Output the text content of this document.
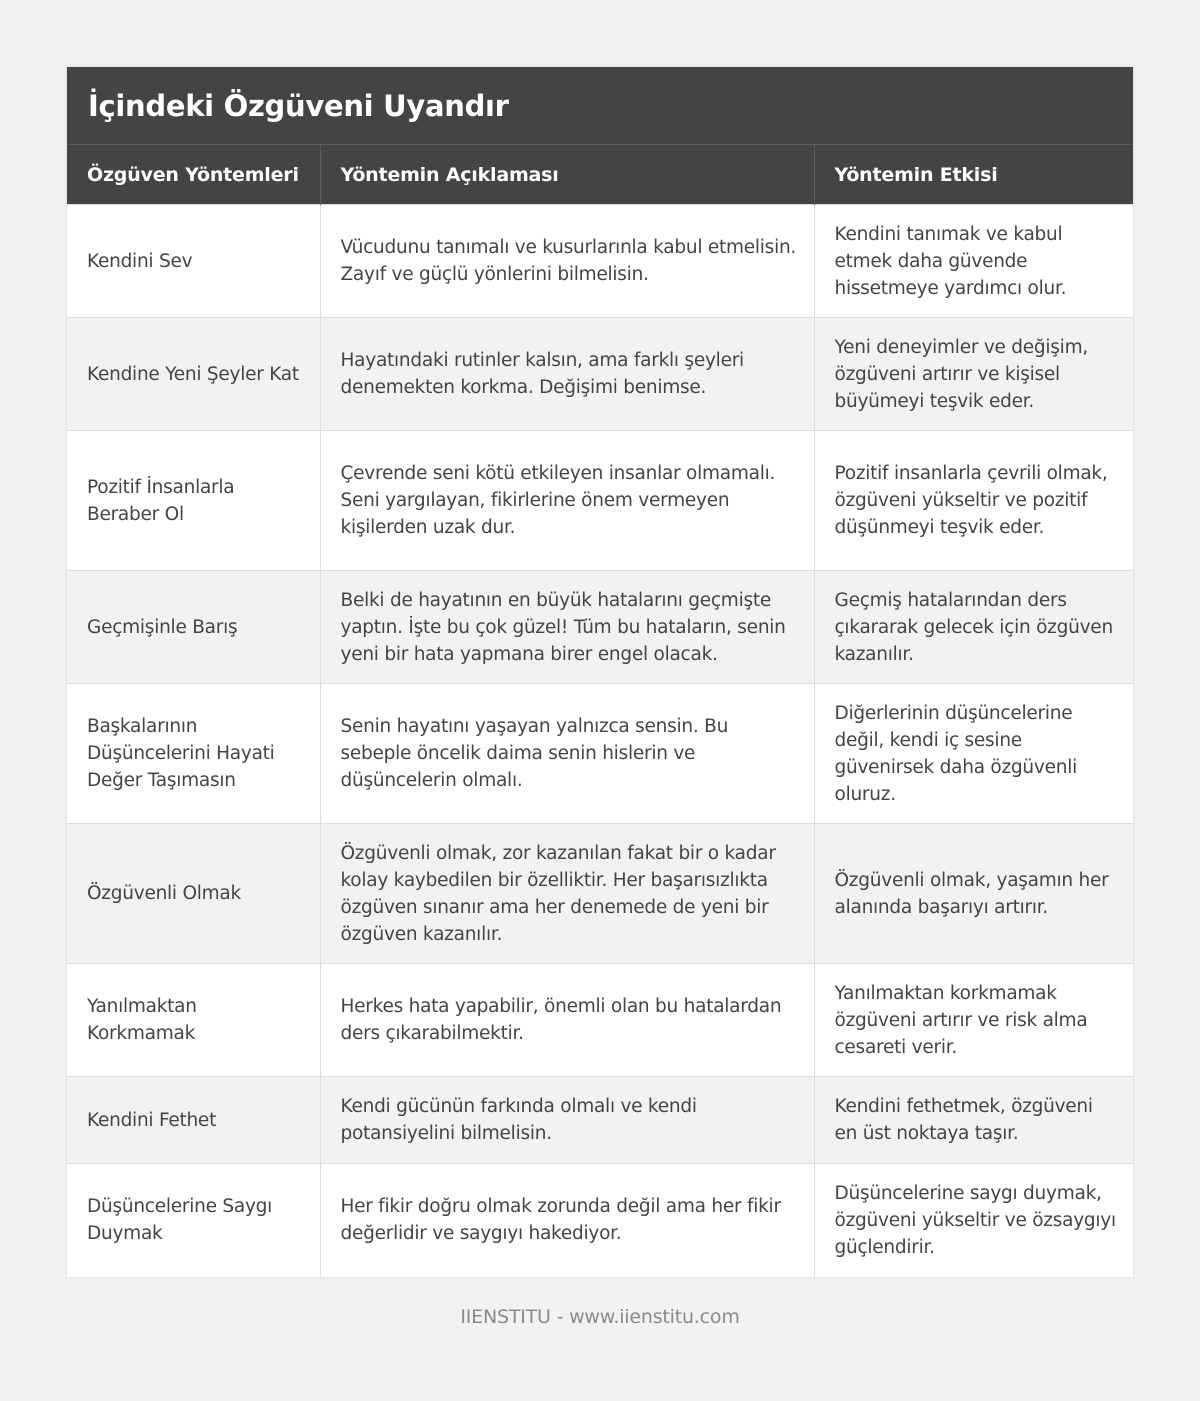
İçindeki Özgüveni Uyandır
Özgüven Yöntemleri	Yöntemin Açıklaması	Yöntemin Etkisi
Kendini Sev	Vücudunu tanımalı ve kusurlarınla kabul etmelisin. Zayıf ve güçlü yönlerini bilmelisin.	Kendini tanımak ve kabul etmek daha güvende hissetmeye yardımcı olur.
Kendine Yeni Şeyler Kat	Hayatındaki rutinler kalsın, ama farklı şeyleri denemekten korkma. Değişimi benimse.	Yeni deneyimler ve değişim, özgüveni artırır ve kişisel büyümeyi teşvik eder.
Pozitif İnsanlarla Beraber Ol	Çevrende seni kötü etkileyen insanlar olmamalı. Seni yargılayan, fikirlerine önem vermeyen kişilerden uzak dur.	Pozitif insanlarla çevrili olmak, özgüveni yükseltir ve pozitif düşünmeyi teşvik eder.
Geçmişinle Barış	Belki de hayatının en büyük hatalarını geçmişte yaptın. İşte bu çok güzel! Tüm bu hataların, senin yeni bir hata yapmana birer engel olacak.	Geçmiş hatalarından ders çıkararak gelecek için özgüven kazanılır.
Başkalarının Düşüncelerini Hayati Değer Taşımasın	Senin hayatını yaşayan yalnızca sensin. Bu sebeple öncelik daima senin hislerin ve düşüncelerin olmalı.	Diğerlerinin düşüncelerine değil, kendi iç sesine güvenirsek daha özgüvenli oluruz.
Özgüvenli Olmak	Özgüvenli olmak, zor kazanılan fakat bir o kadar kolay kaybedilen bir özelliktir. Her başarısızlıkta özgüven sınanır ama her denemede de yeni bir özgüven kazanılır.	Özgüvenli olmak, yaşamın her alanında başarıyı artırır.
Yanılmaktan Korkmamak	Herkes hata yapabilir, önemli olan bu hatalardan ders çıkarabilmektir.	Yanılmaktan korkmamak özgüveni artırır ve risk alma cesareti verir.
Kendini Fethet	Kendi gücünün farkında olmalı ve kendi potansiyelini bilmelisin.	Kendini fethetmek, özgüveni en üst noktaya taşır.
Düşüncelerine Saygı Duymak	Her fikir doğru olmak zorunda değil ama her fikir değerlidir ve saygıyı hakediyor.	Düşüncelerine saygı duymak, özgüveni yükseltir ve özsaygıyı güçlendirir.
IIENSTITU - www.iienstitu.com
